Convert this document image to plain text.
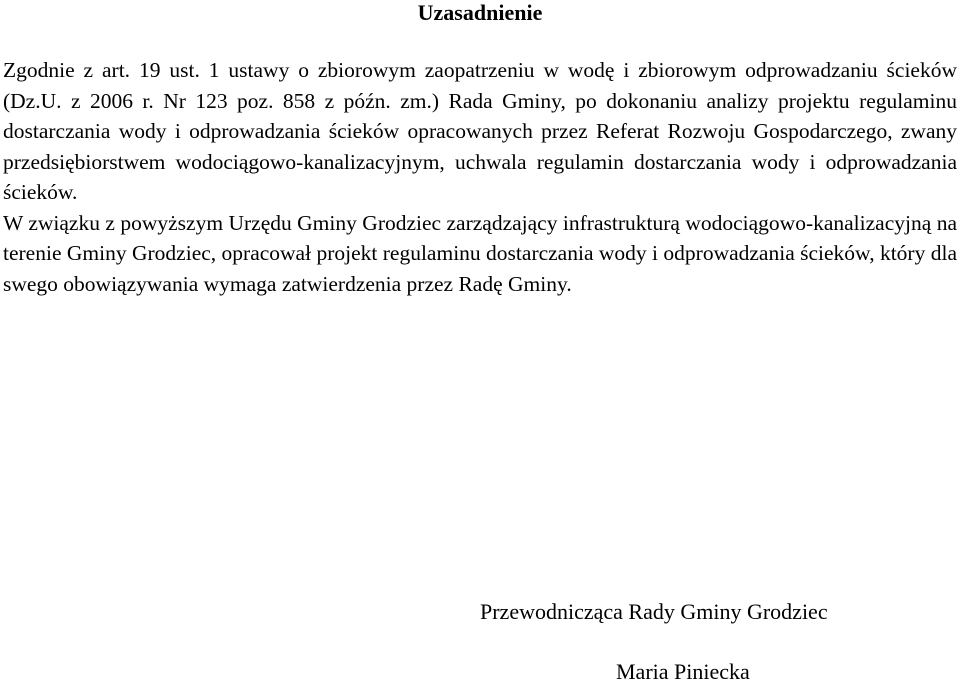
Uzasadnienie

Zgodnie z art. 19 ust. 1 ustawy o zbiorowym zaopatrzeniu w wodę i zbiorowym odprowadzaniu ścieków (Dz.U. z 2006 r. Nr 123 poz. 858 z późn. zm.) Rada Gminy, po dokonaniu analizy projektu regulaminu dostarczania wody i odprowadzania ścieków opracowanych przez Referat Rozwoju Gospodarczego, zwany przedsiębiorstwem wodociągowo-kanalizacyjnym, uchwala regulamin dostarczania wody i odprowadzania ścieków.

W związku z powyższym Urzędu Gminy Grodziec zarządzający infrastrukturą wodociągowo-kanalizacyjną na terenie Gminy Grodziec, opracował projekt regulaminu dostarczania wody i odprowadzania ścieków, który dla swego obowiązywania wymaga zatwierdzenia przez Radę Gminy.

Przewodnicząca Rady Gminy Grodziec
Maria Piniecka
